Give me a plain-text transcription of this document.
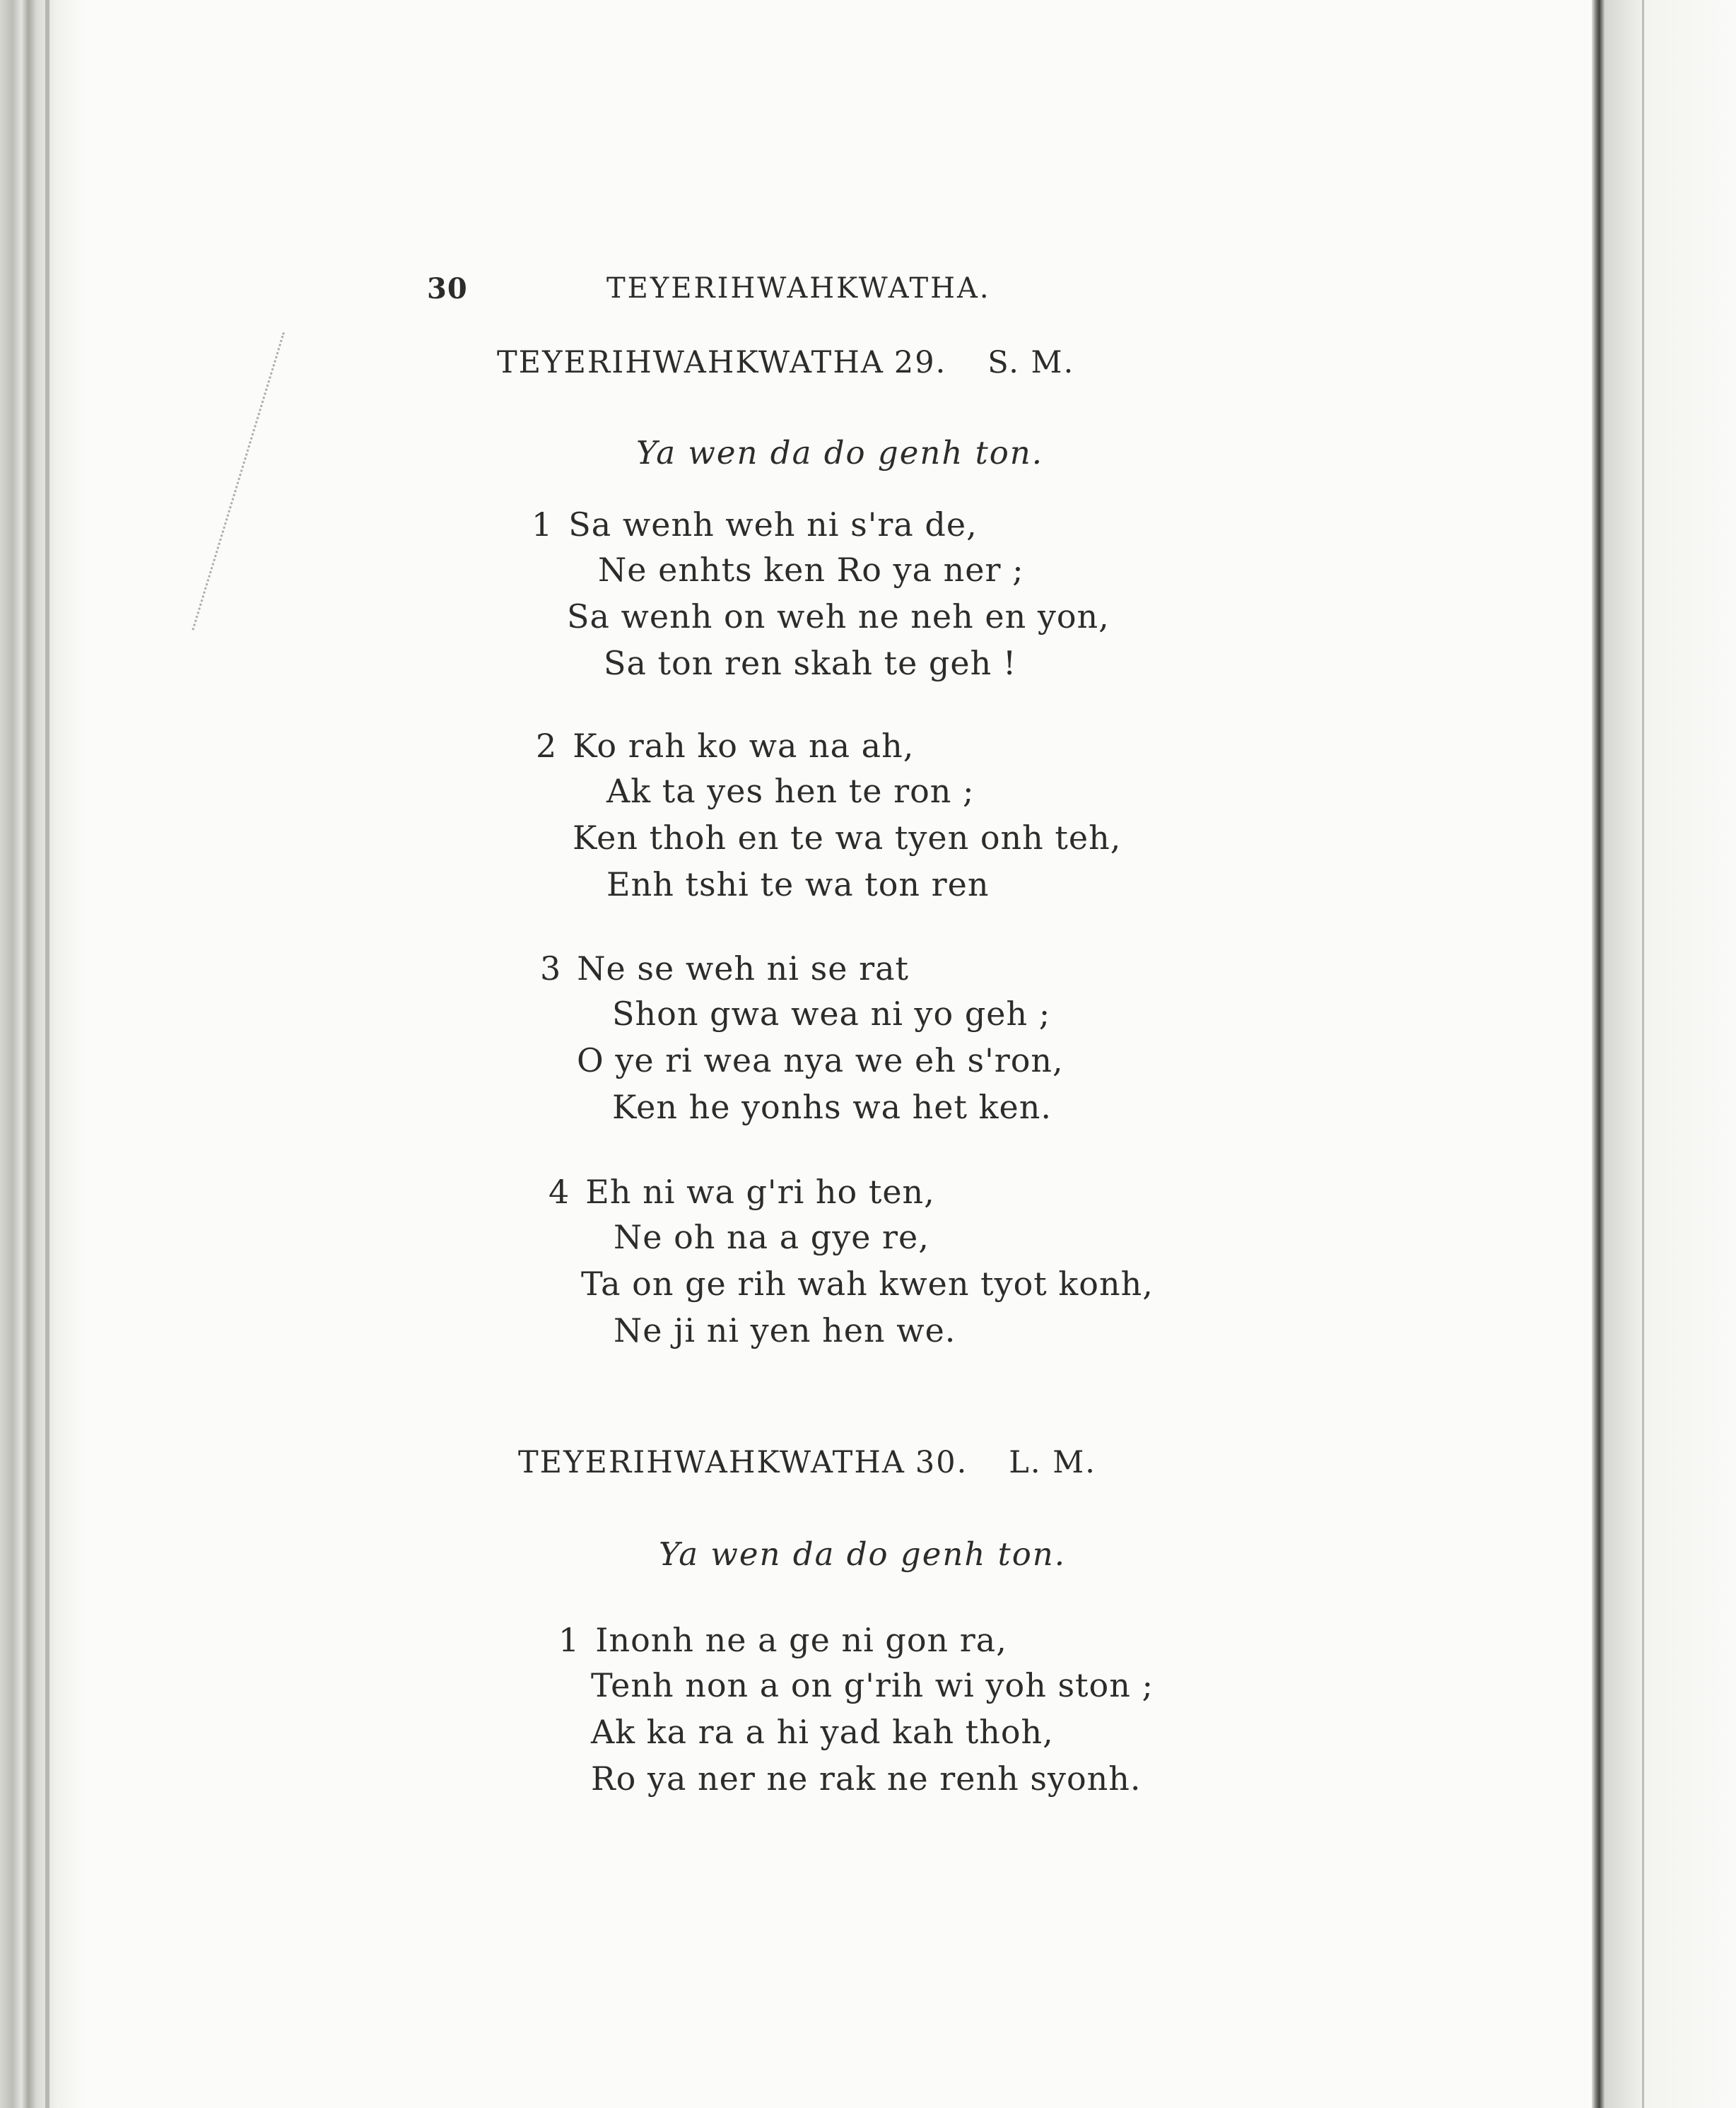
30	TEYERIHWAHKWATHA.
TEYERIHWAHKWATHA 29. S. M.
Ya wen da do genh ton.
1 Sa wenh weh ni s'ra de,
Ne enhts ken Ro ya ner ;
Sa wenh on weh ne neh en yon,
Sa ton ren skah te geh !
2 Ko rah ko wa na ah,
Ak ta yes hen te ron ;
Ken thoh en te wa tyen onh teh,
Enh tshi te wa ton ren
3 Ne se weh ni se rat
Shon gwa wea ni yo geh ;
O ye ri wea nya we eh s'ron,
Ken he yonhs wa het ken.
4 Eh ni wa g'ri ho ten,
Ne oh na a gye re,
Ta on ge rih wah kwen tyot konh,
Ne ji ni yen hen we.
TEYERIHWAHKWATHA 30. L. M.
Ya wen da do genh ton.
1 Inonh ne a ge ni gon ra,
Tenh non a on g'rih wi yoh ston ;
Ak ka ra a hi yad kah thoh,
Ro ya ner ne rak ne renh syonh.
